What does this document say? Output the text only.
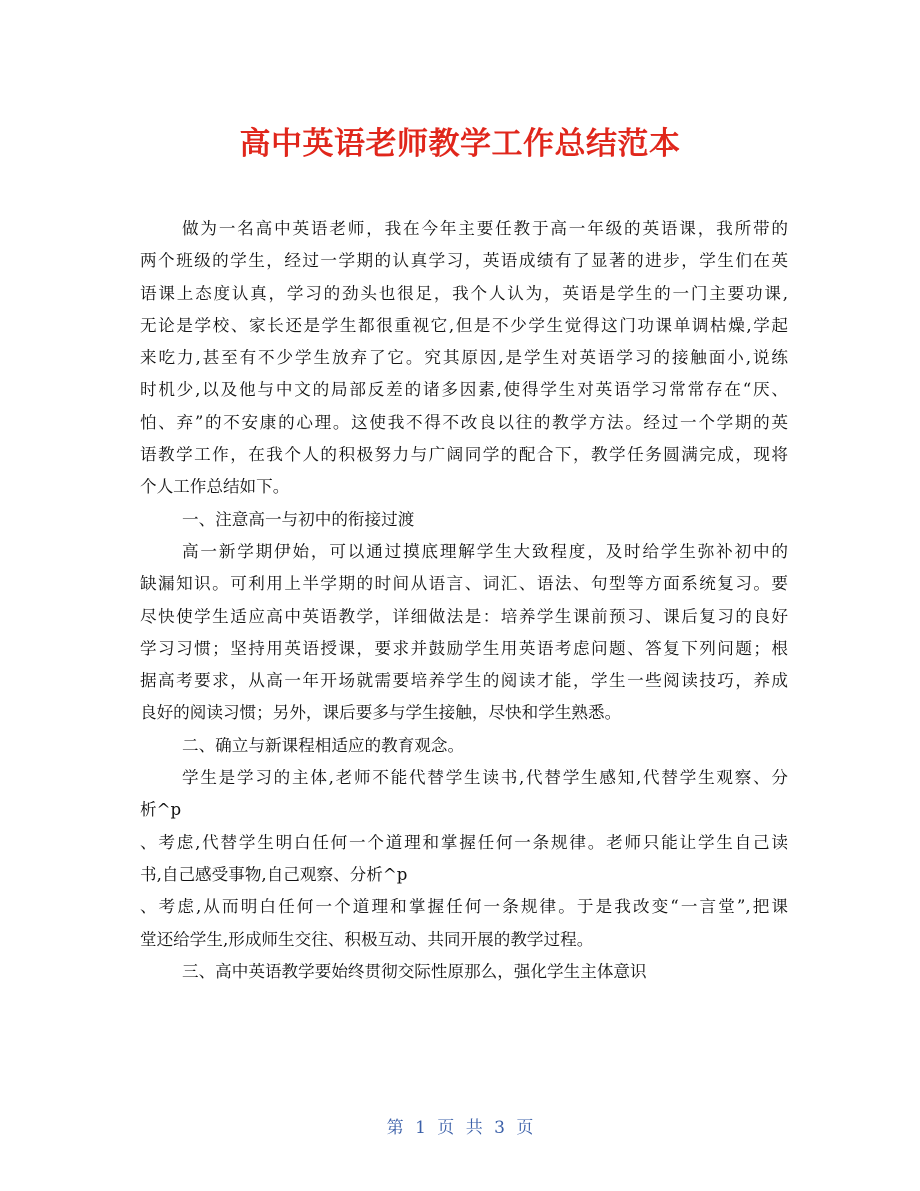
高中英语老师教学工作总结范本
做为一名高中英语老师，我在今年主要任教于高一年级的英语课，我所带的
两个班级的学生，经过一学期的认真学习，英语成绩有了显著的进步，学生们在英
语课上态度认真，学习的劲头也很足，我个人认为，英语是学生的一门主要功课,
无论是学校、家长还是学生都很重视它,但是不少学生觉得这门功课单调枯燥,学起
来吃力,甚至有不少学生放弃了它。究其原因,是学生对英语学习的接触面小,说练
时机少,以及他与中文的局部反差的诸多因素,使得学生对英语学习常常存在“厌、
怕、弃”的不安康的心理。这使我不得不改良以往的教学方法。经过一个学期的英
语教学工作，在我个人的积极努力与广阔同学的配合下，教学任务圆满完成，现将
个人工作总结如下。
一、注意高一与初中的衔接过渡
高一新学期伊始，可以通过摸底理解学生大致程度，及时给学生弥补初中的
缺漏知识。可利用上半学期的时间从语言、词汇、语法、句型等方面系统复习。要
尽快使学生适应高中英语教学，详细做法是：培养学生课前预习、课后复习的良好
学习习惯；坚持用英语授课，要求并鼓励学生用英语考虑问题、答复下列问题；根
据高考要求，从高一年开场就需要培养学生的阅读才能，学生一些阅读技巧，养成
良好的阅读习惯；另外，课后要多与学生接触，尽快和学生熟悉。
二、确立与新课程相适应的教育观念。
学生是学习的主体,老师不能代替学生读书,代替学生感知,代替学生观察、分
析^p
、考虑,代替学生明白任何一个道理和掌握任何一条规律。老师只能让学生自己读
书,自己感受事物,自己观察、分析^p
、考虑,从而明白任何一个道理和掌握任何一条规律。于是我改变“一言堂”,把课
堂还给学生,形成师生交往、积极互动、共同开展的教学过程。
三、高中英语教学要始终贯彻交际性原那么，强化学生主体意识
第 1 页 共 3 页
